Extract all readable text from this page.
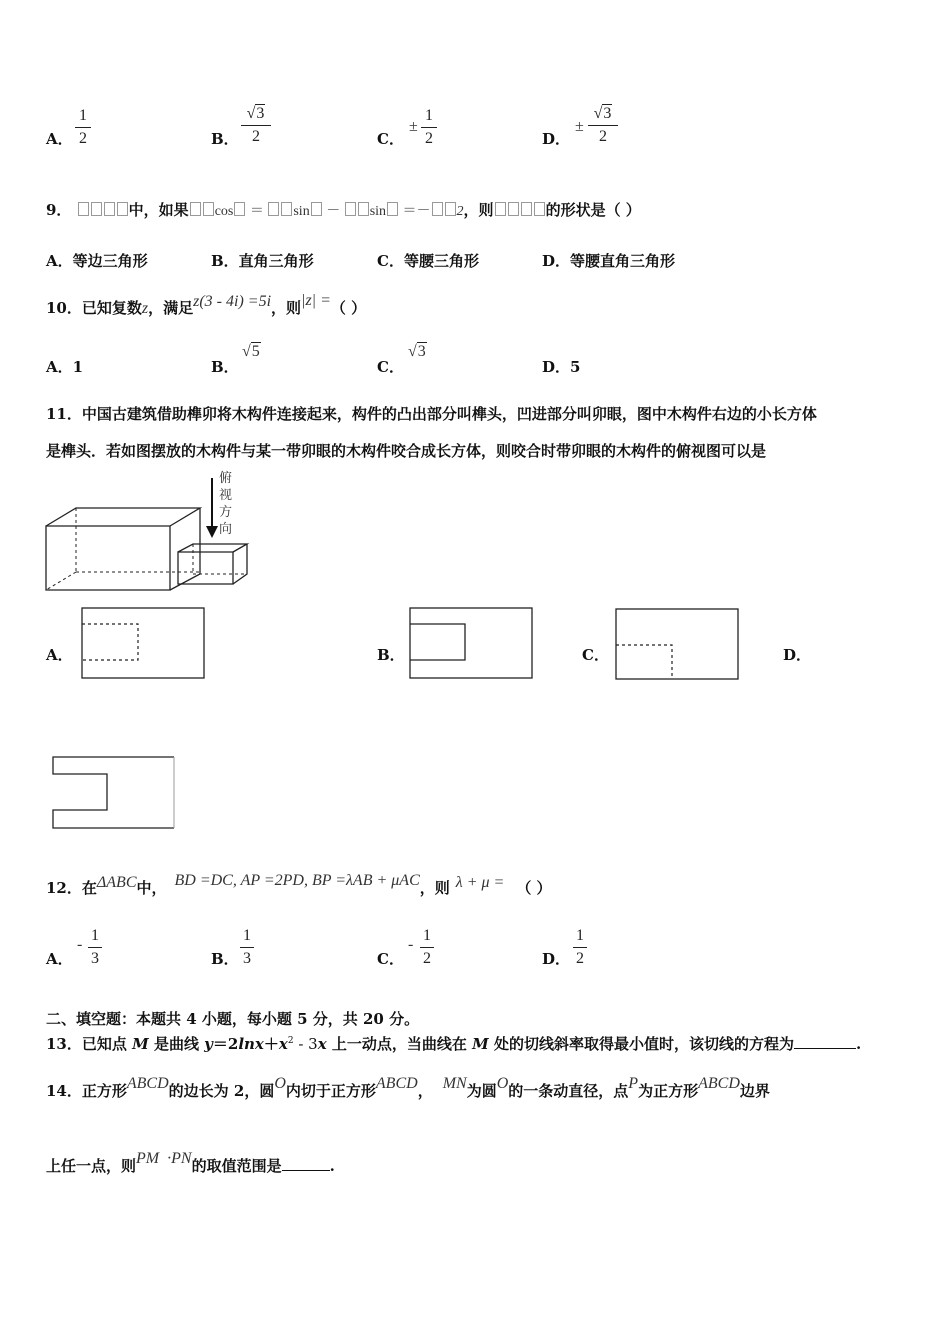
A．
1
2	B．
√3
2	C．
±
1
2	D．
±
√3
2
9．	中，如果 cos ＝ sin － sin ＝－ 2，则	的形状是（ ）
A．等边三角形	B．直角三角形	C．等腰三角形	D．等腰直角三角形
10．已知复数z，满足z(3 - 4i) =5i，则|z| =（ ）
A．1	B．
√5
C．
√3
D．5
11．中国古建筑借助榫卯将木构件连接起来，构件的凸出部分叫榫头，凹进部分叫卯眼，图中木构件右边的小长方体
是榫头．若如图摆放的木构件与某一带卯眼的木构件咬合成长方体，则咬合时带卯眼的木构件的俯视图可以是
俯
视
方
向
A．	B．	C．	D．
12．在ΔABC中， BD =DC, AP =2PD, BP =λAB + μAC，则 λ + μ = （ ）
A．
-
1
3	B．
1
3	C．
-
1
2	D．
1
2
二、填空题：本题共 4 小题，每小题 5 分，共 20 分。
13．已知点 M 是曲线 $y=2\ln x+x^2 - 3x$ 上一动点，当曲线在 M 处的切线斜率取得最小值时，该切线的方程为	.
14．正方形ABCD的边长为 2，圆O内切于正方形ABCD， MN为圆O的一条动直径，点P为正方形ABCD边界
上任一点，则PM  ·PN的取值范围是	.
